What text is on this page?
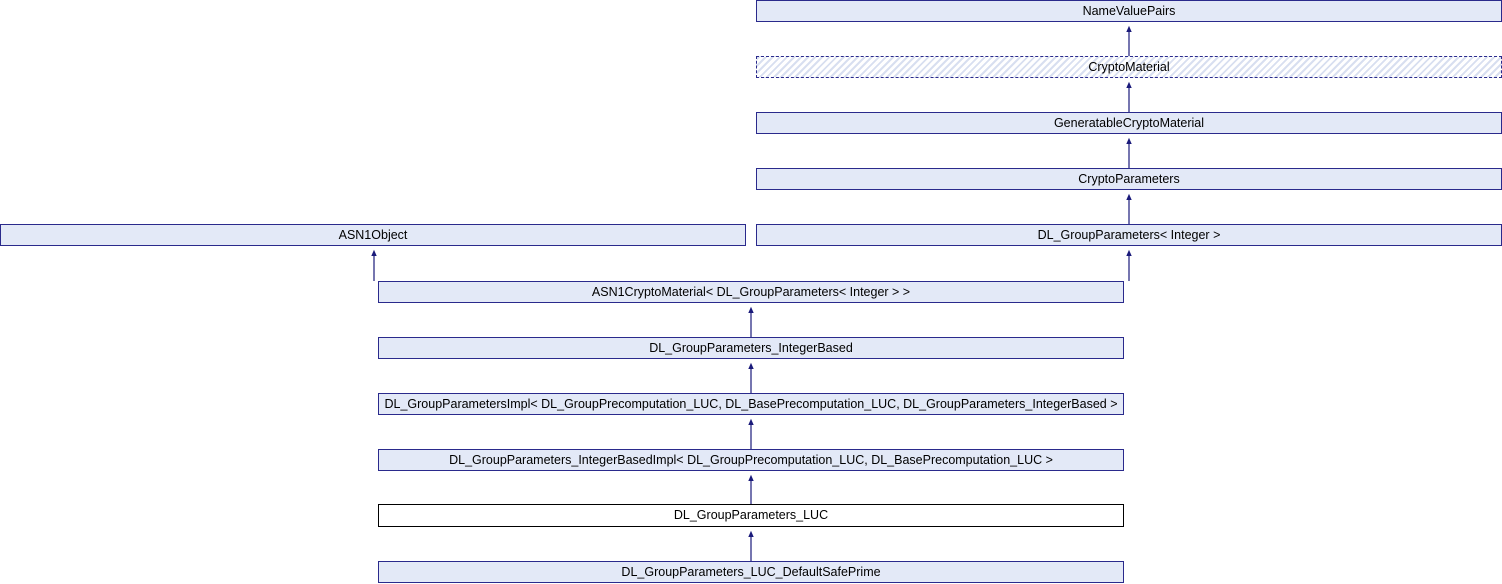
NameValuePairs
CryptoMaterial
GeneratableCryptoMaterial
CryptoParameters
ASN1Object	DL_GroupParameters< Integer >
ASN1CryptoMaterial< DL_GroupParameters< Integer > >
DL_GroupParameters_IntegerBased
DL_GroupParametersImpl< DL_GroupPrecomputation_LUC, DL_BasePrecomputation_LUC, DL_GroupParameters_IntegerBased >
DL_GroupParameters_IntegerBasedImpl< DL_GroupPrecomputation_LUC, DL_BasePrecomputation_LUC >
DL_GroupParameters_LUC
DL_GroupParameters_LUC_DefaultSafePrime
